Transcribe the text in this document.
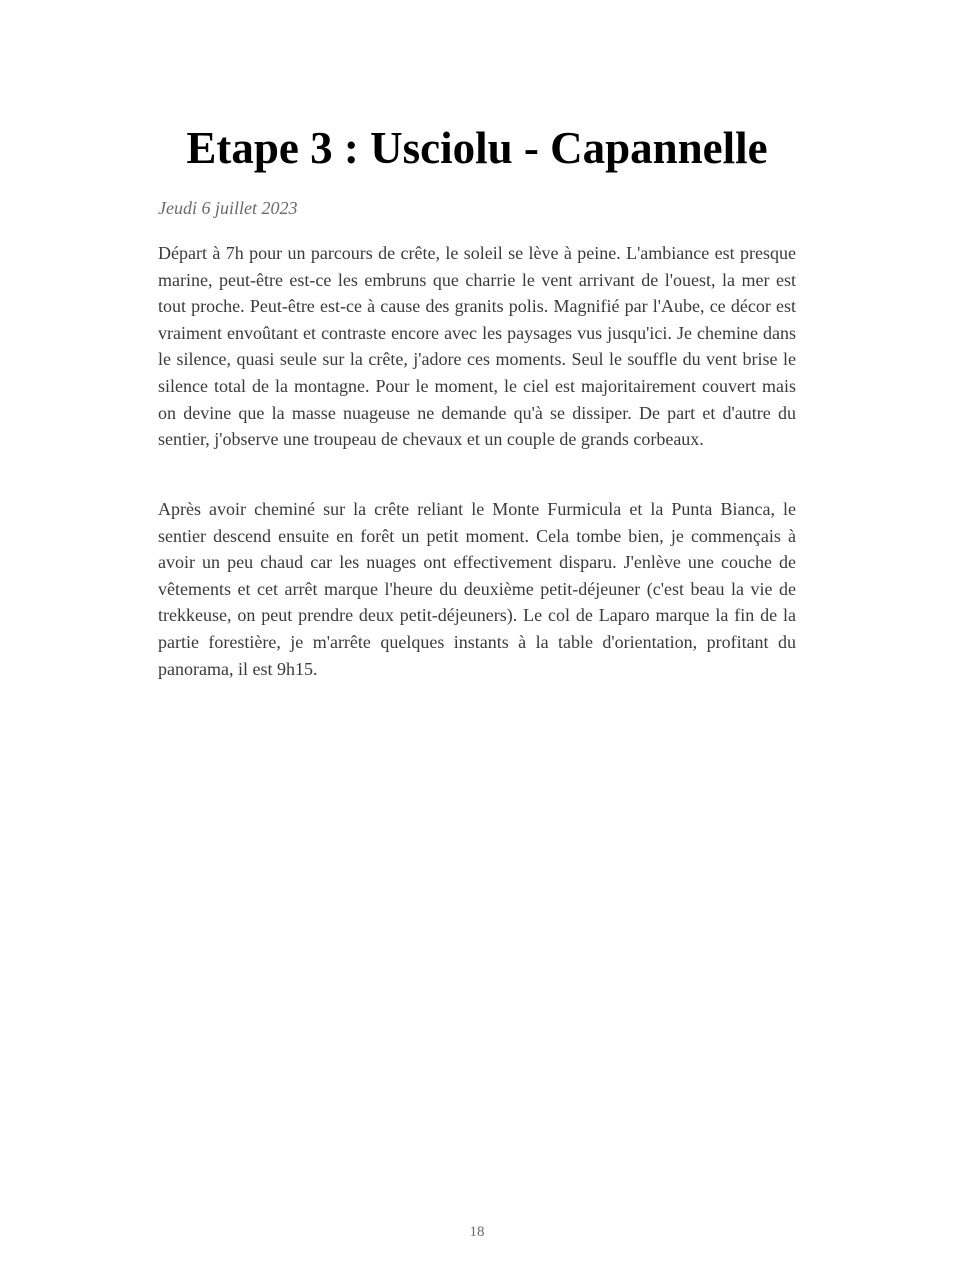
Etape 3 : Usciolu - Capannelle

Jeudi 6 juillet 2023

Départ à 7h pour un parcours de crête, le soleil se lève à peine. L'ambiance est presque marine, peut-être est-ce les embruns que charrie le vent arrivant de l'ouest, la mer est tout proche. Peut-être est-ce à cause des granits polis. Magnifié par l'Aube, ce décor est vraiment envoûtant et contraste encore avec les paysages vus jusqu'ici. Je chemine dans le silence, quasi seule sur la crête, j'adore ces moments. Seul le souffle du vent brise le silence total de la montagne. Pour le moment, le ciel est majoritairement couvert mais on devine que la masse nuageuse ne demande qu'à se dissiper. De part et d'autre du sentier, j'observe une troupeau de chevaux et un couple de grands corbeaux.

Après avoir cheminé sur la crête reliant le Monte Furmicula et la Punta Bianca, le sentier descend ensuite en forêt un petit moment. Cela tombe bien, je commençais à avoir un peu chaud car les nuages ont effectivement disparu. J'enlève une couche de vêtements et cet arrêt marque l'heure du deuxième petit-déjeuner (c'est beau la vie de trekkeuse, on peut prendre deux petit-déjeuners). Le col de Laparo marque la fin de la partie forestière, je m'arrête quelques instants à la table d'orientation, profitant du panorama, il est 9h15.

18
